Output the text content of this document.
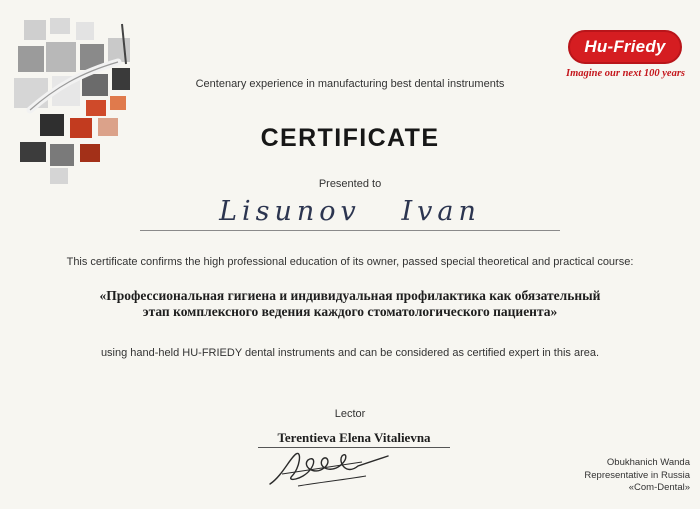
Hu-Friedy
Imagine our next 100 years
Centenary experience in manufacturing best dental instruments
CERTIFICATE
Presented to
Lisunov   Ivan
This certificate confirms the high professional education of its owner, passed special theoretical and practical course:
«Профессиональная гигиена и индивидуальная профилактика как обязательный
этап комплексного ведения каждого стоматологического пациента»
using hand-held HU-FRIEDY dental instruments and can be considered as certified expert in this area.
Lector
Terentieva Elena Vitalievna
Obukhanich Wanda
Representative in Russia
«Com-Dental»
